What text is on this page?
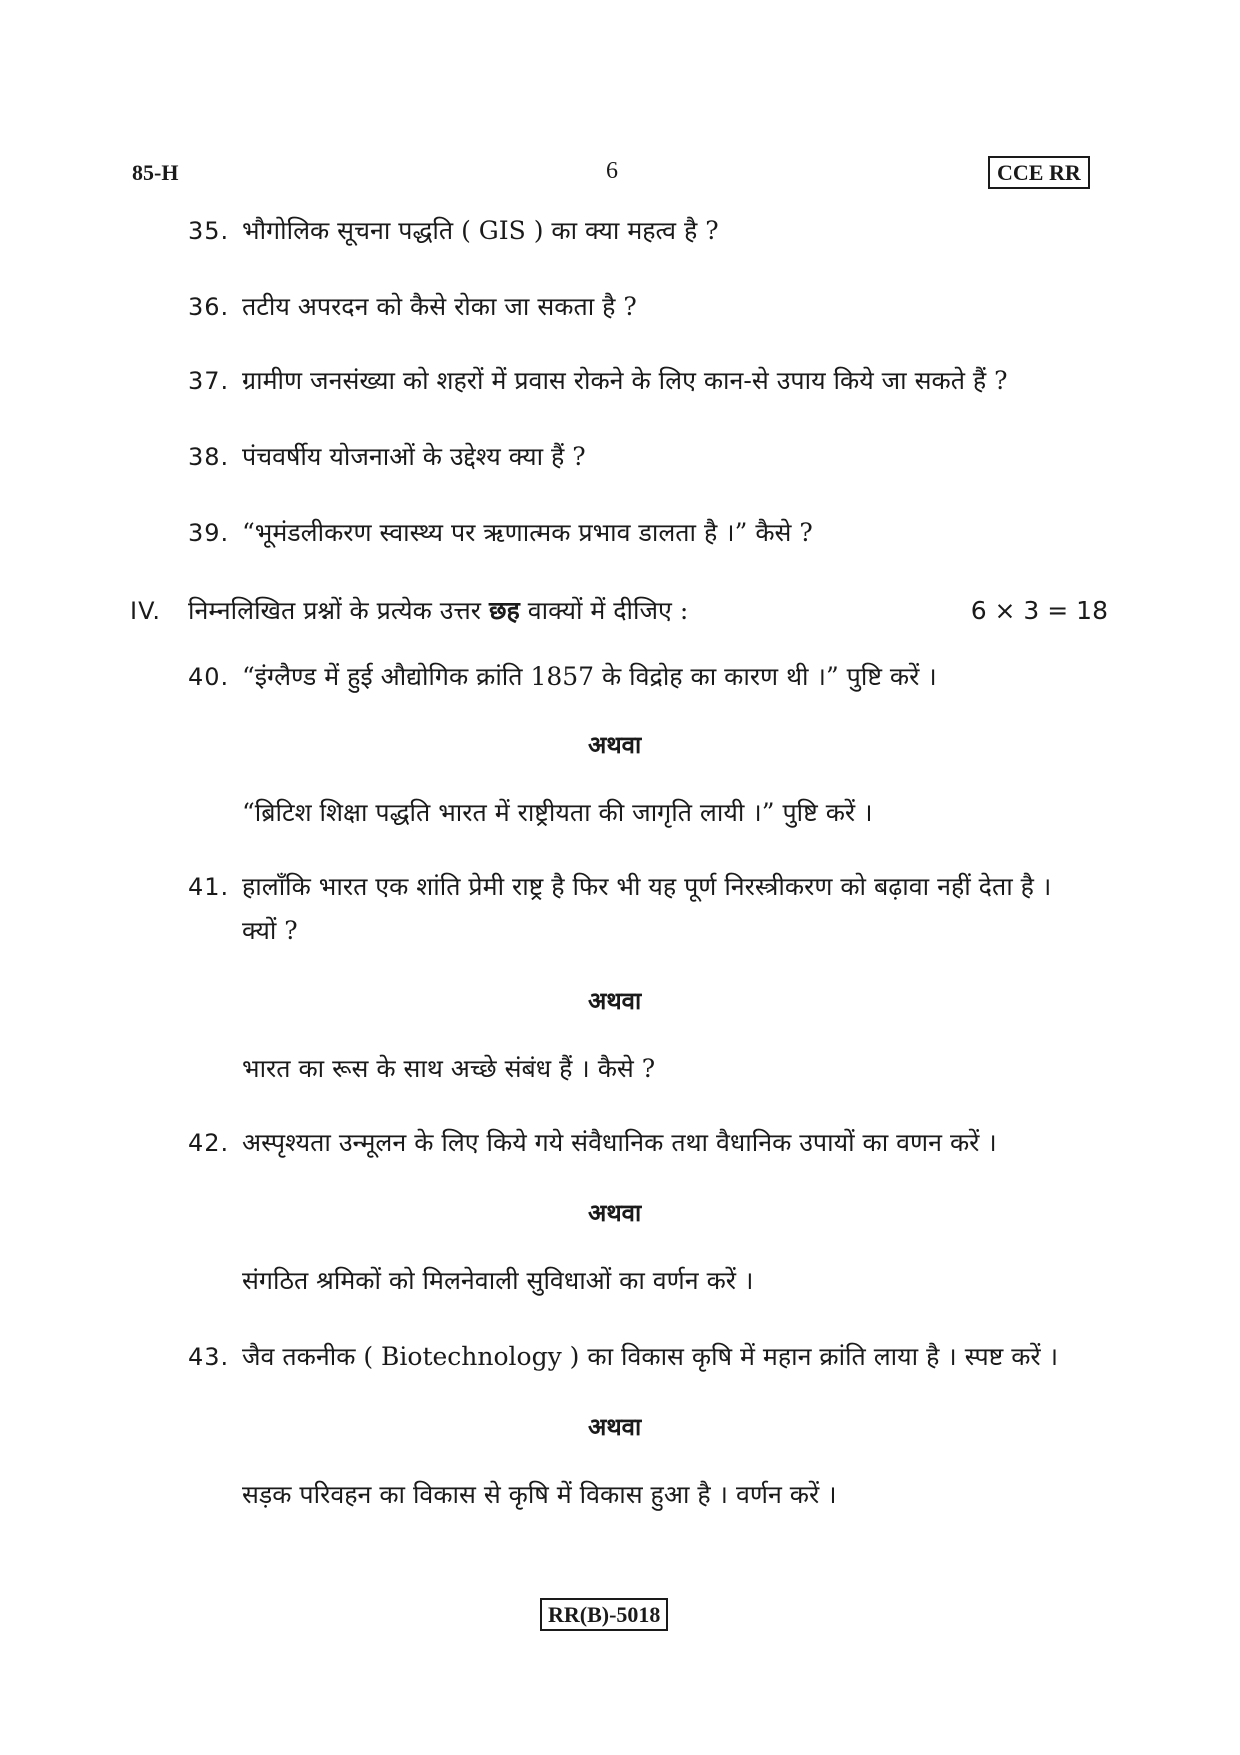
85-H	6	CCE RR
35. भौगोलिक सूचना पद्धति ( GIS ) का क्या महत्व है ?
36. तटीय अपरदन को कैसे रोका जा सकता है ?
37. ग्रामीण जनसंख्या को शहरों में प्रवास रोकने के लिए कान-से उपाय किये जा सकते हैं ?
38. पंचवर्षीय योजनाओं के उद्देश्य क्या हैं ?
39. “भूमंडलीकरण स्वास्थ्य पर ऋणात्मक प्रभाव डालता है ।” कैसे ?
IV. निम्नलिखित प्रश्नों के प्रत्येक उत्तर छह वाक्यों में दीजिए :	6 × 3 = 18
40. “इंग्लैण्ड में हुई औद्योगिक क्रांति 1857 के विद्रोह का कारण थी ।” पुष्टि करें ।
अथवा
“ब्रिटिश शिक्षा पद्धति भारत में राष्ट्रीयता की जागृति लायी ।” पुष्टि करें ।
41. हालाँकि भारत एक शांति प्रेमी राष्ट्र है फिर भी यह पूर्ण निरस्त्रीकरण को बढ़ावा नहीं देता है ।
क्यों ?
अथवा
भारत का रूस के साथ अच्छे संबंध हैं । कैसे ?
42. अस्पृश्यता उन्मूलन के लिए किये गये संवैधानिक तथा वैधानिक उपायों का वणन करें ।
अथवा
संगठित श्रमिकों को मिलनेवाली सुविधाओं का वर्णन करें ।
43. जैव तकनीक ( Biotechnology ) का विकास कृषि में महान क्रांति लाया है । स्पष्ट करें ।
अथवा
सड़क परिवहन का विकास से कृषि में विकास हुआ है । वर्णन करें ।
RR(B)-5018
